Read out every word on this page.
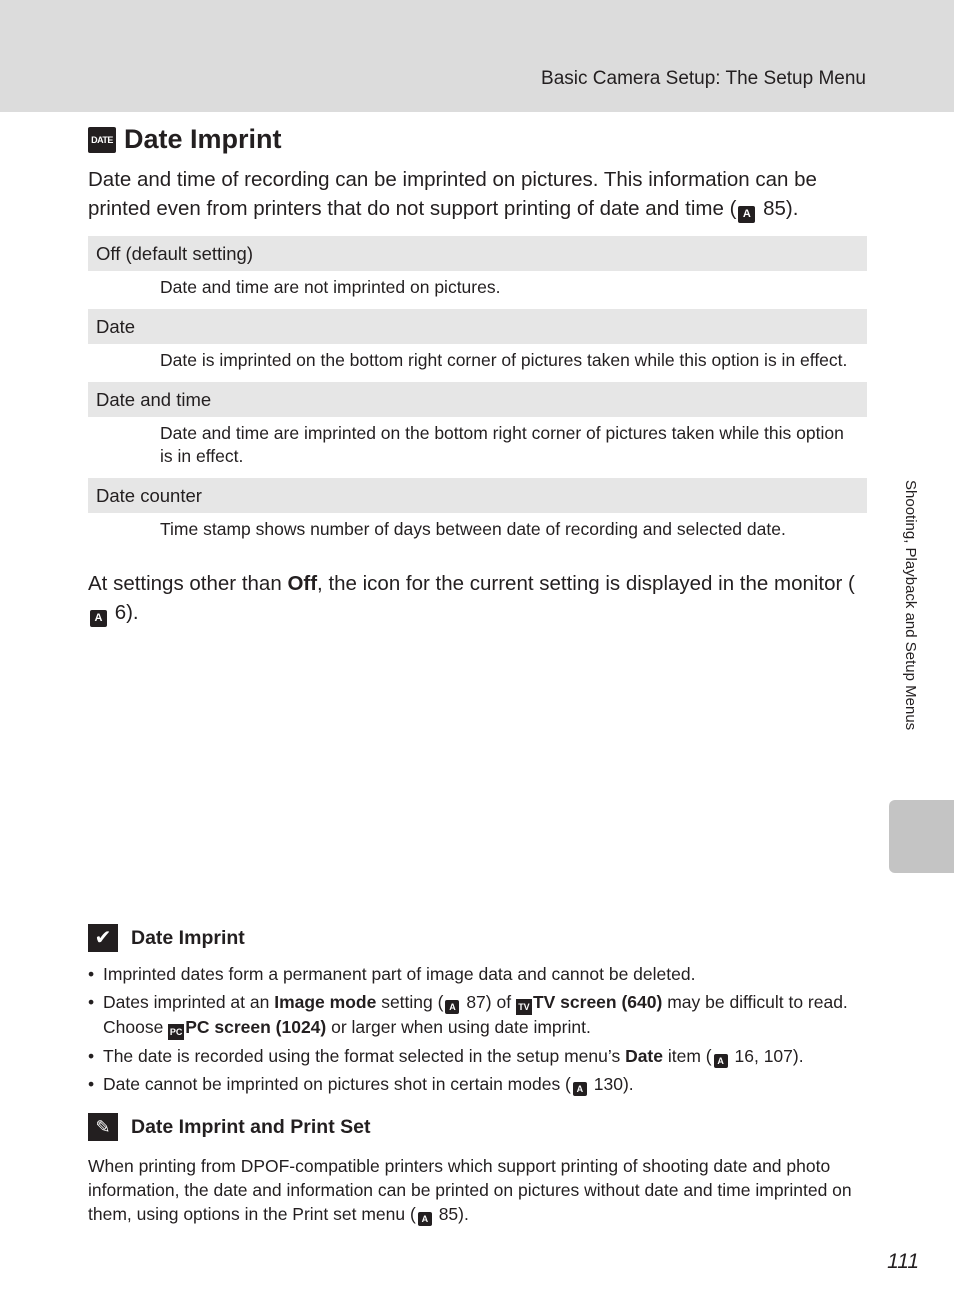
Basic Camera Setup: The Setup Menu
DATE Date Imprint

Date and time of recording can be imprinted on pictures. This information can be printed even from printers that do not support printing of date and time ( A 85).

Off (default setting)
Date and time are not imprinted on pictures.
Date
Date is imprinted on the bottom right corner of pictures taken while this option is in effect.
Date and time
Date and time are imprinted on the bottom right corner of pictures taken while this option is in effect.
Date counter
Time stamp shows number of days between date of recording and selected date.

At settings other than Off, the icon for the current setting is displayed in the monitor (A 6).	Shooting, Playback and Setup Menus
✔	Date Imprint
• Imprinted dates form a permanent part of image data and cannot be deleted.
• Dates imprinted at an Image mode setting ( A 87) of TV TV screen (640) may be difficult to read. Choose PC PC screen (1024) or larger when using date imprint.
• The date is recorded using the format selected in the setup menu’s Date item ( A 16, 107).
• Date cannot be imprinted on pictures shot in certain modes ( A 130).
✎	Date Imprint and Print Set

When printing from DPOF-compatible printers which support printing of shooting date and photo information, the date and information can be printed on pictures without date and time imprinted on them, using options in the Print set menu ( A 85).

111
